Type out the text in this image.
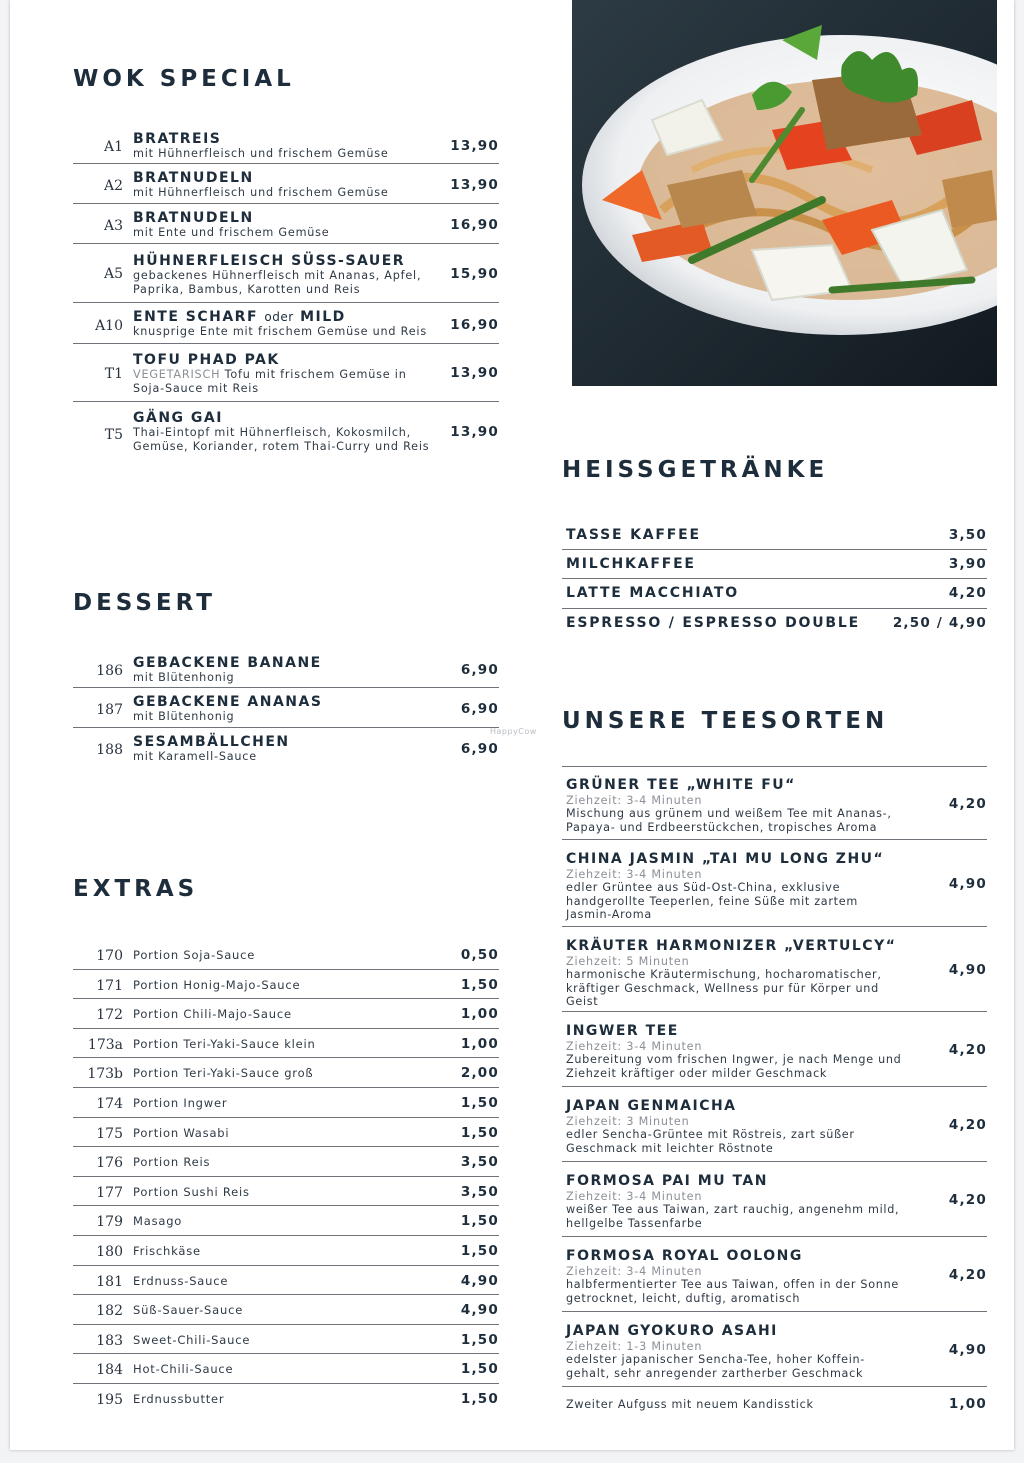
WOK SPECIAL
A1 BRATREIS
mit Hühnerfleisch und frischem Gemüse	13,90
A2 BRATNUDELN
mit Hühnerfleisch und frischem Gemüse	13,90
A3 BRATNUDELN
mit Ente und frischem Gemüse	16,90
A5
HÜHNERFLEISCH SÜSS-SAUER
gebackenes Hühnerfleisch mit Ananas, Apfel,
Paprika, Bambus, Karotten und Reis
15,90
A10
ENTE SCHARF oder MILD
knusprige Ente mit frischem Gemüse und Reis 16,90
T1
TOFU PHAD PAK
VEGETARISCH Tofu mit frischem Gemüse in
Soja-Sauce mit Reis
13,90
T5
GÄNG GAI
Thai-Eintopf mit Hühnerfleisch, Kokosmilch,
Gemüse, Koriander, rotem Thai-Curry und Reis
13,90
DESSERT
186 GEBACKENE BANANE
mit Blütenhonig	6,90
187 GEBACKENE ANANAS
mit Blütenhonig	6,90
188 SESAMBÄLLCHEN
mit Karamell-Sauce	6,90
HappyCow
EXTRAS
170 Portion Soja-Sauce	0,50
171 Portion Honig-Majo-Sauce	1,50
172 Portion Chili-Majo-Sauce	1,00
173a Portion Teri-Yaki-Sauce klein	1,00
173b Portion Teri-Yaki-Sauce groß	2,00
174 Portion Ingwer	1,50
175 Portion Wasabi	1,50
176 Portion Reis	3,50
177 Portion Sushi Reis	3,50
179 Masago	1,50
180 Frischkäse	1,50
181 Erdnuss-Sauce	4,90
182 Süß-Sauer-Sauce	4,90
183 Sweet-Chili-Sauce	1,50
184 Hot-Chili-Sauce	1,50
195 Erdnussbutter	1,50
HEISSGETRÄNKE
TASSE KAFFEE	3,50
MILCHKAFFEE	3,90
LATTE MACCHIATO	4,20
ESPRESSO / ESPRESSO DOUBLE 2,50 / 4,90
UNSERE TEESORTEN
GRÜNER TEE „WHITE FU“
Ziehzeit: 3-4 Minuten
Mischung aus grünem und weißem Tee mit Ananas-,
Papaya- und Erdbeerstückchen, tropisches Aroma
4,20
CHINA JASMIN „TAI MU LONG ZHU“
Ziehzeit: 3-4 Minuten
edler Grüntee aus Süd-Ost-China, exklusive
handgerollte Teeperlen, feine Süße mit zartem
Jasmin-Aroma
4,90
KRÄUTER HARMONIZER „VERTULCY“
Ziehzeit: 5 Minuten
harmonische Kräutermischung, hocharomatischer,
kräftiger Geschmack, Wellness pur für Körper und
Geist
4,90
INGWER TEE
Ziehzeit: 3-4 Minuten
Zubereitung vom frischen Ingwer, je nach Menge und
Ziehzeit kräftiger oder milder Geschmack
4,20
JAPAN GENMAICHA
Ziehzeit: 3 Minuten
edler Sencha-Grüntee mit Röstreis, zart süßer
Geschmack mit leichter Röstnote
4,20
FORMOSA PAI MU TAN
Ziehzeit: 3-4 Minuten
weißer Tee aus Taiwan, zart rauchig, angenehm mild,
hellgelbe Tassenfarbe
4,20
FORMOSA ROYAL OOLONG
Ziehzeit: 3-4 Minuten
halbfermentierter Tee aus Taiwan, offen in der Sonne
getrocknet, leicht, duftig, aromatisch
4,20
JAPAN GYOKURO ASAHI
Ziehzeit: 1-3 Minuten
edelster japanischer Sencha-Tee, hoher Koffein-
gehalt, sehr anregender zartherber Geschmack
4,90
Zweiter Aufguss mit neuem Kandisstick	1,00
